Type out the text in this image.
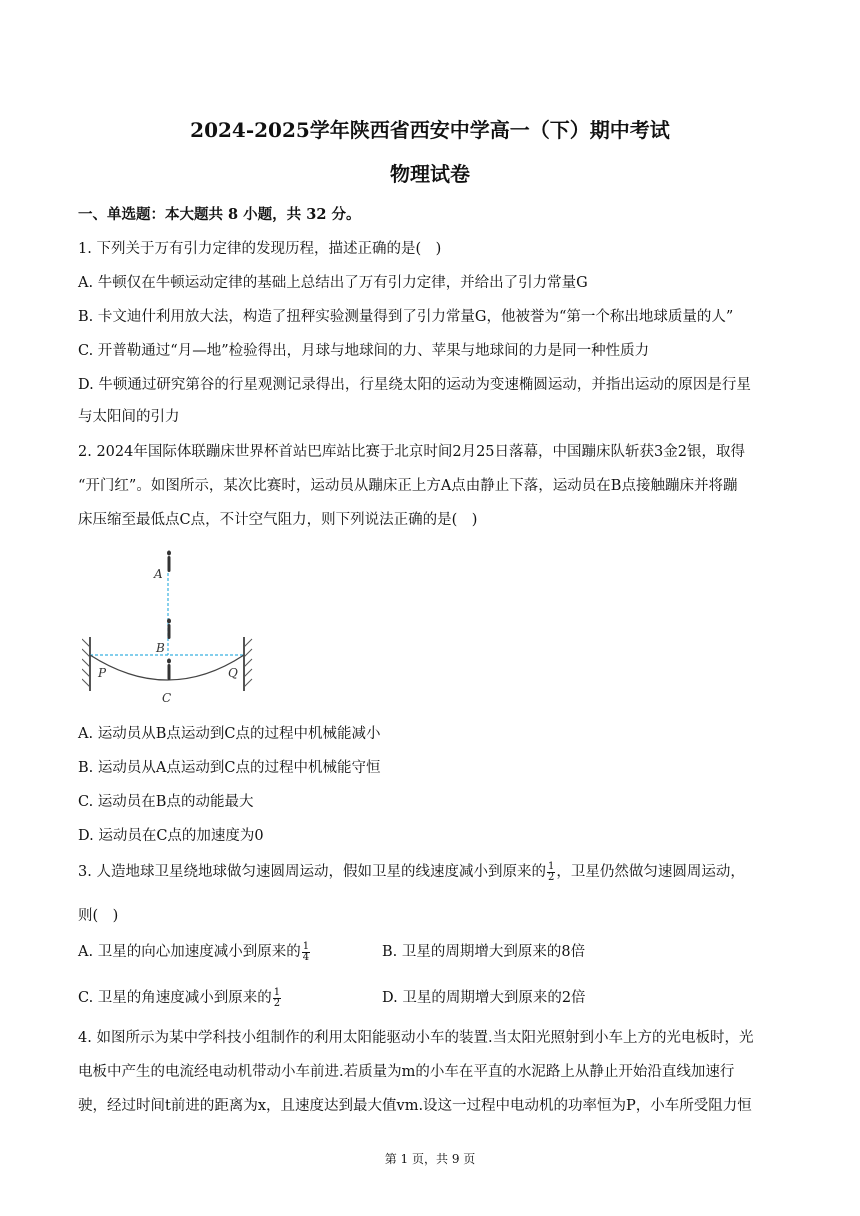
2024-2025学年陕西省西安中学高一（下）期中考试
物理试卷
一、单选题：本大题共 8 小题，共 32 分。
1. 下列关于万有引力定律的发现历程，描述正确的是(　)
A. 牛顿仅在牛顿运动定律的基础上总结出了万有引力定律，并给出了引力常量G
B. 卡文迪什利用放大法，构造了扭秤实验测量得到了引力常量G，他被誉为“第一个称出地球质量的人”
C. 开普勒通过“月—地”检验得出，月球与地球间的力、苹果与地球间的力是同一种性质力
D. 牛顿通过研究第谷的行星观测记录得出，行星绕太阳的运动为变速椭圆运动，并指出运动的原因是行星
与太阳间的引力
2. 2024年国际体联蹦床世界杯首站巴库站比赛于北京时间2月25日落幕，中国蹦床队斩获3金2银，取得
“开门红”。如图所示，某次比赛时，运动员从蹦床正上方A点由静止下落，运动员在B点接触蹦床并将蹦
床压缩至最低点C点，不计空气阻力，则下列说法正确的是(　)
A
B
C
P	Q
A. 运动员从B点运动到C点的过程中机械能减小
B. 运动员从A点运动到C点的过程中机械能守恒
C. 运动员在B点的动能最大
D. 运动员在C点的加速度为0
3. 人造地球卫星绕地球做匀速圆周运动，假如卫星的线速度减小到原来的 $\frac{1}{2}$ ，卫星仍然做匀速圆周运动，
则(　)
A. 卫星的向心加速度减小到原来的 $\frac{1}{4}$	B. 卫星的周期增大到原来的8倍
C. 卫星的角速度减小到原来的 $\frac{1}{2}$	D. 卫星的周期增大到原来的2倍
4. 如图所示为某中学科技小组制作的利用太阳能驱动小车的装置.当太阳光照射到小车上方的光电板时，光
电板中产生的电流经电动机带动小车前进.若质量为m的小车在平直的水泥路上从静止开始沿直线加速行
驶，经过时间t前进的距离为x，且速度达到最大值vm.设这一过程中电动机的功率恒为P，小车所受阻力恒
第 1 页，共 9 页
